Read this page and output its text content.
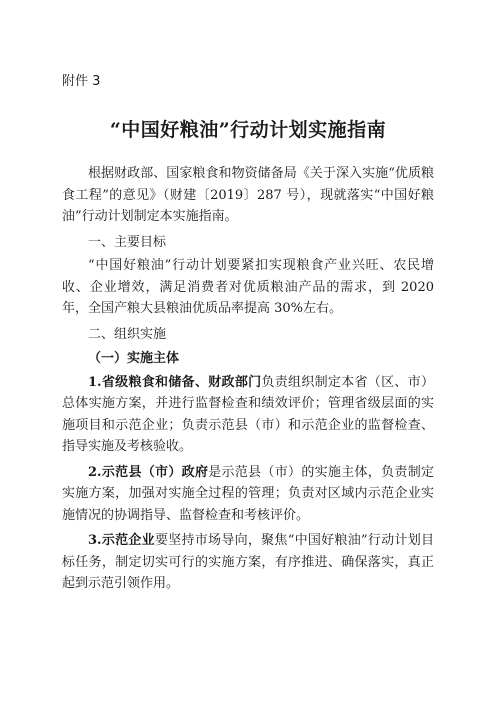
附件 3
“中国好粮油”行动计划实施指南

根据财政部、国家粮食和物资储备局《关于深入实施“优质粮食工程”的意见》（财建〔2019〕287 号），现就落实“中国好粮油”行动计划制定本实施指南。

一、主要目标

“中国好粮油”行动计划要紧扣实现粮食产业兴旺、农民增收、企业增效，满足消费者对优质粮油产品的需求，到 2020 年，全国产粮大县粮油优质品率提高 30%左右。

二、组织实施

（一）实施主体

1.省级粮食和储备、财政部门负责组织制定本省（区、市）总体实施方案，并进行监督检查和绩效评价；管理省级层面的实施项目和示范企业；负责示范县（市）和示范企业的监督检查、指导实施及考核验收。

2.示范县（市）政府是示范县（市）的实施主体，负责制定实施方案，加强对实施全过程的管理；负责对区域内示范企业实施情况的协调指导、监督检查和考核评价。

3.示范企业要坚持市场导向，聚焦“中国好粮油”行动计划目标任务，制定切实可行的实施方案，有序推进、确保落实，真正起到示范引领作用。
